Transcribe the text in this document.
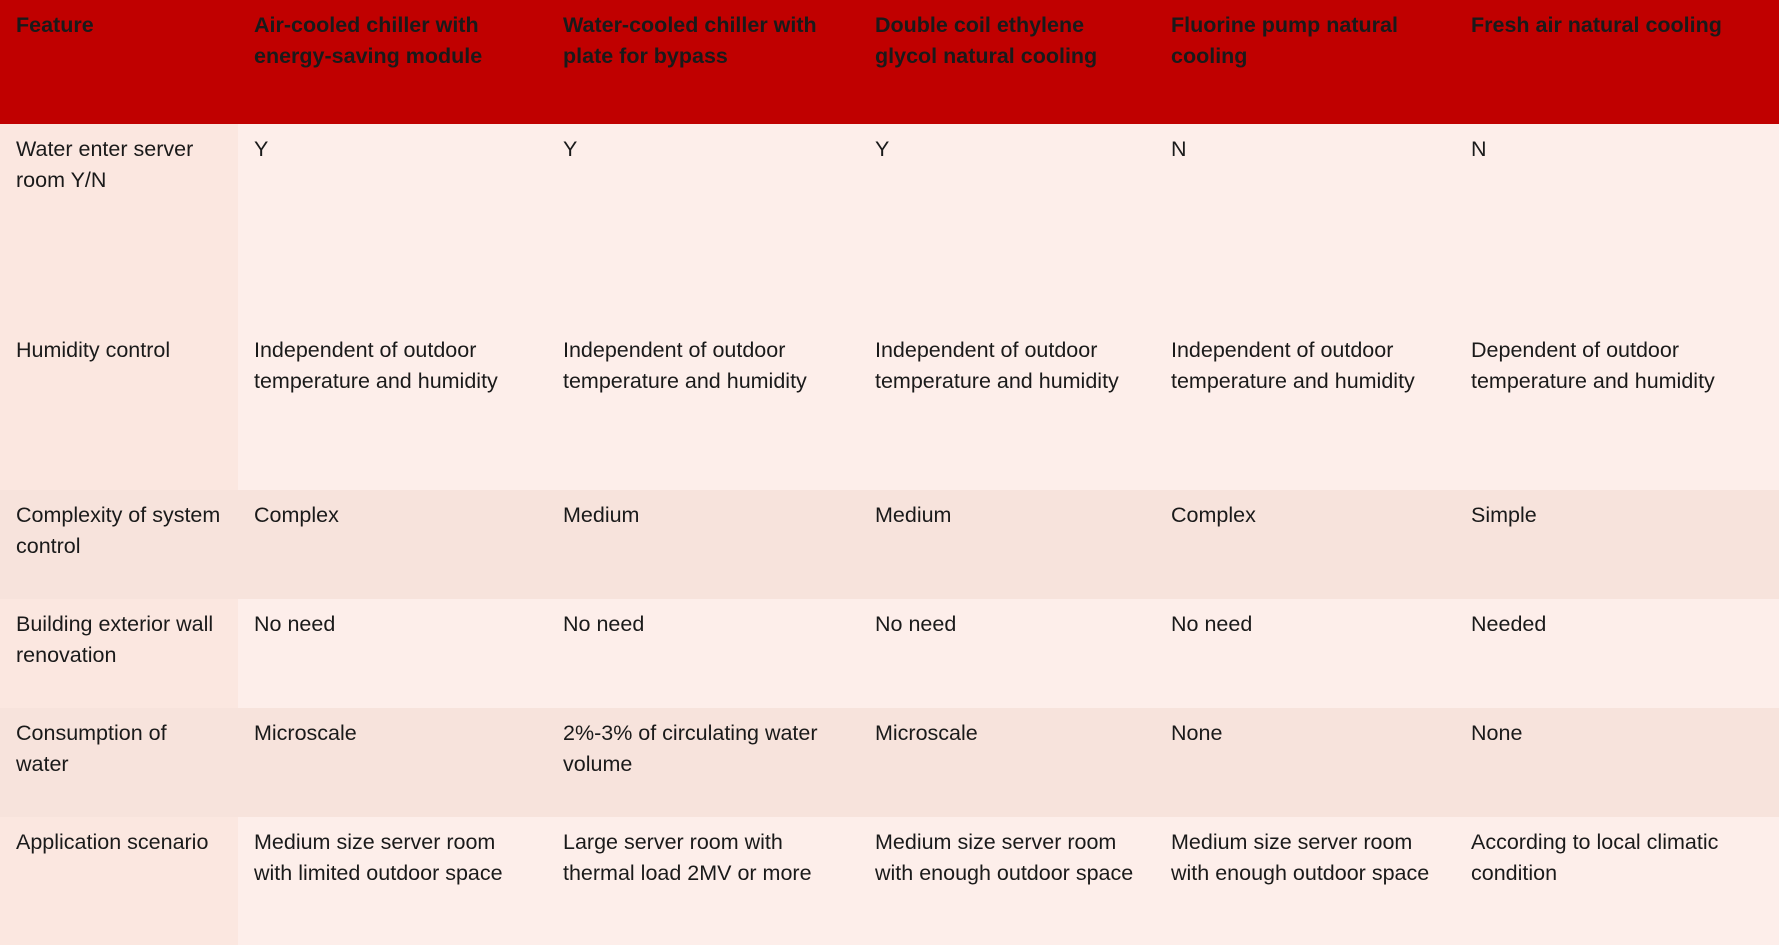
Feature	Air-cooled chiller with energy-saving module	Water-cooled chiller with plate for bypass	Double coil ethylene glycol natural cooling	Fluorine pump natural cooling	Fresh air natural cooling

Water enter server room Y/N	Y	Y	Y	N	N

Humidity control	Independent of outdoor temperature and humidity	Independent of outdoor temperature and humidity	Independent of outdoor temperature and humidity	Independent of outdoor temperature and humidity	Dependent of outdoor temperature and humidity

Complexity of system control	Complex	Medium	Medium	Complex	Simple

Building exterior wall renovation	No need	No need	No need	No need	Needed

Consumption of water	Microscale	2%-3% of circulating water volume	Microscale	None	None

Application scenario	Medium size server room with limited outdoor space	Large server room with thermal load 2MV or more	Medium size server room with enough outdoor space	Medium size server room with enough outdoor space	According to local climatic condition
